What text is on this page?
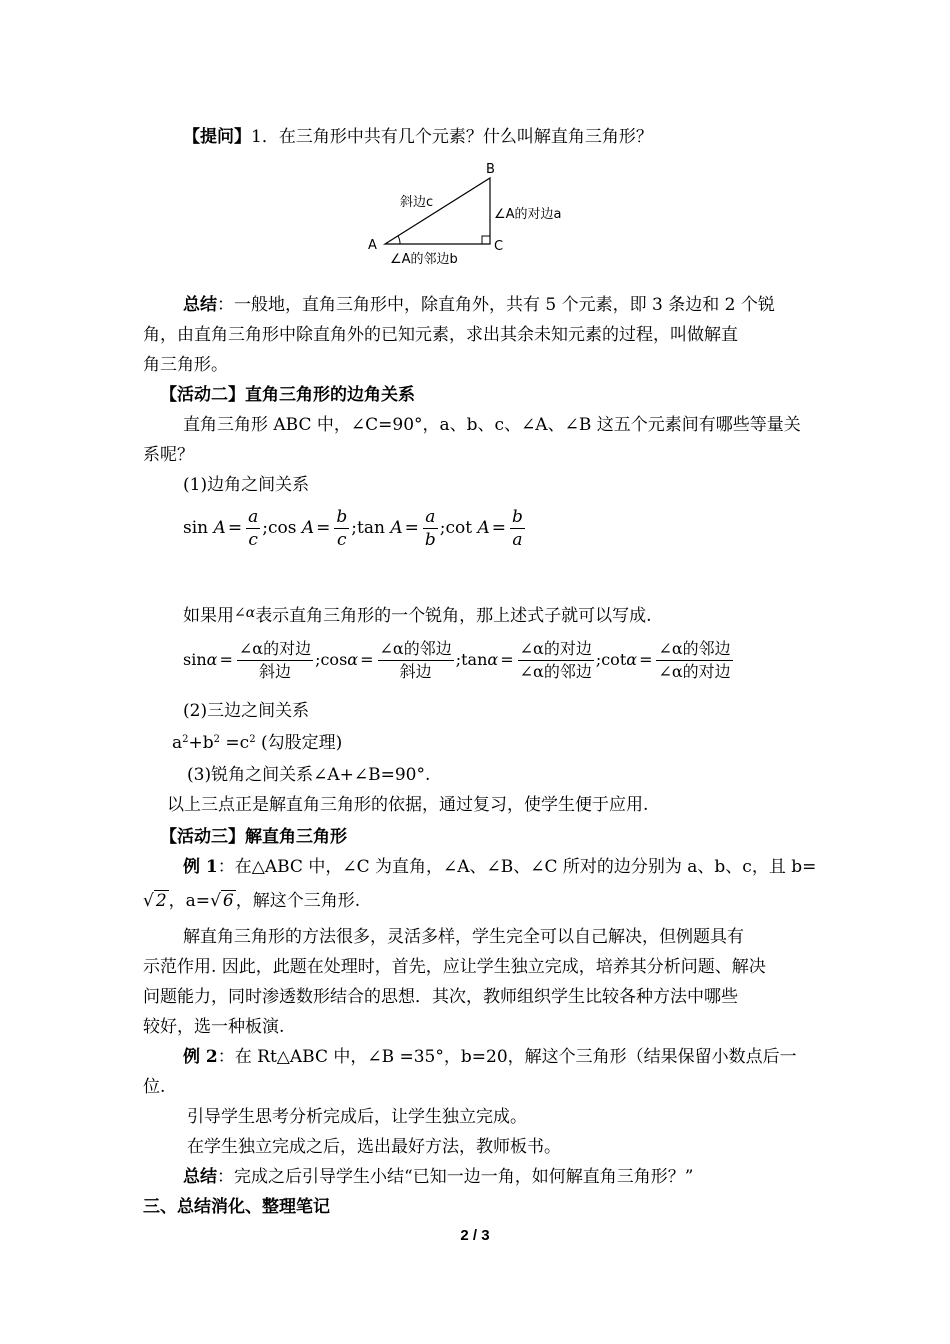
【提问】1．在三角形中共有几个元素？什么叫解直角三角形？
A
B
C
斜边c
∠A的对边a
∠A的邻边b
总结：一般地，直角三角形中，除直角外，共有 5 个元素，即 3 条边和 2 个锐
角，由直角三角形中除直角外的已知元素，求出其余未知元素的过程，叫做解直
角三角形。
【活动二】直角三角形的边角关系
直角三角形 ABC 中，∠C=90°，a、b、c、∠A、∠B 这五个元素间有哪些等量关
系呢？
(1)边角之间关系
$\sin A = \frac{a}{c}$ ;cos $A = \frac{b}{c}$ ;tan $A = \frac{a}{b}$ ;cot $A = \frac{b}{a}$
如果用$^{\angle\alpha}$表示直角三角形的一个锐角，那上述式子就可以写成.
$\sin\alpha = \frac{\text{∠α的对边}}{\text{斜边}}$ ;cosα = $\frac{\text{∠α的邻边}}{\text{斜边}}$ ;tanα = $\frac{\text{∠α的对边}}{\text{∠α的邻边}}$ ;cotα = $\frac{\text{∠α的邻边}}{\text{∠α的对边}}$
(2)三边之间关系
$a^2+b^2 =c^2$ (勾股定理)
(3)锐角之间关系∠A+∠B=90°.
以上三点正是解直角三角形的依据，通过复习，使学生便于应用.
【活动三】解直角三角形
例 1：在△ABC 中，∠C 为直角，∠A、∠B、∠C 所对的边分别为 a、b、c，且 b=
√ 2 ，a=√ 6 ，解这个三角形.
解直角三角形的方法很多，灵活多样，学生完全可以自己解决，但例题具有
示范作用. 因此，此题在处理时，首先，应让学生独立完成，培养其分析问题、解决
问题能力，同时渗透数形结合的思想．其次，教师组织学生比较各种方法中哪些
较好，选一种板演.
例 2：在 Rt△ABC 中，∠B =35°，b=20，解这个三角形（结果保留小数点后一
位.
引导学生思考分析完成后，让学生独立完成。
在学生独立完成之后，选出最好方法，教师板书。
总结：完成之后引导学生小结“已知一边一角，如何解直角三角形？”
三、总结消化、整理笔记
2 / 3
